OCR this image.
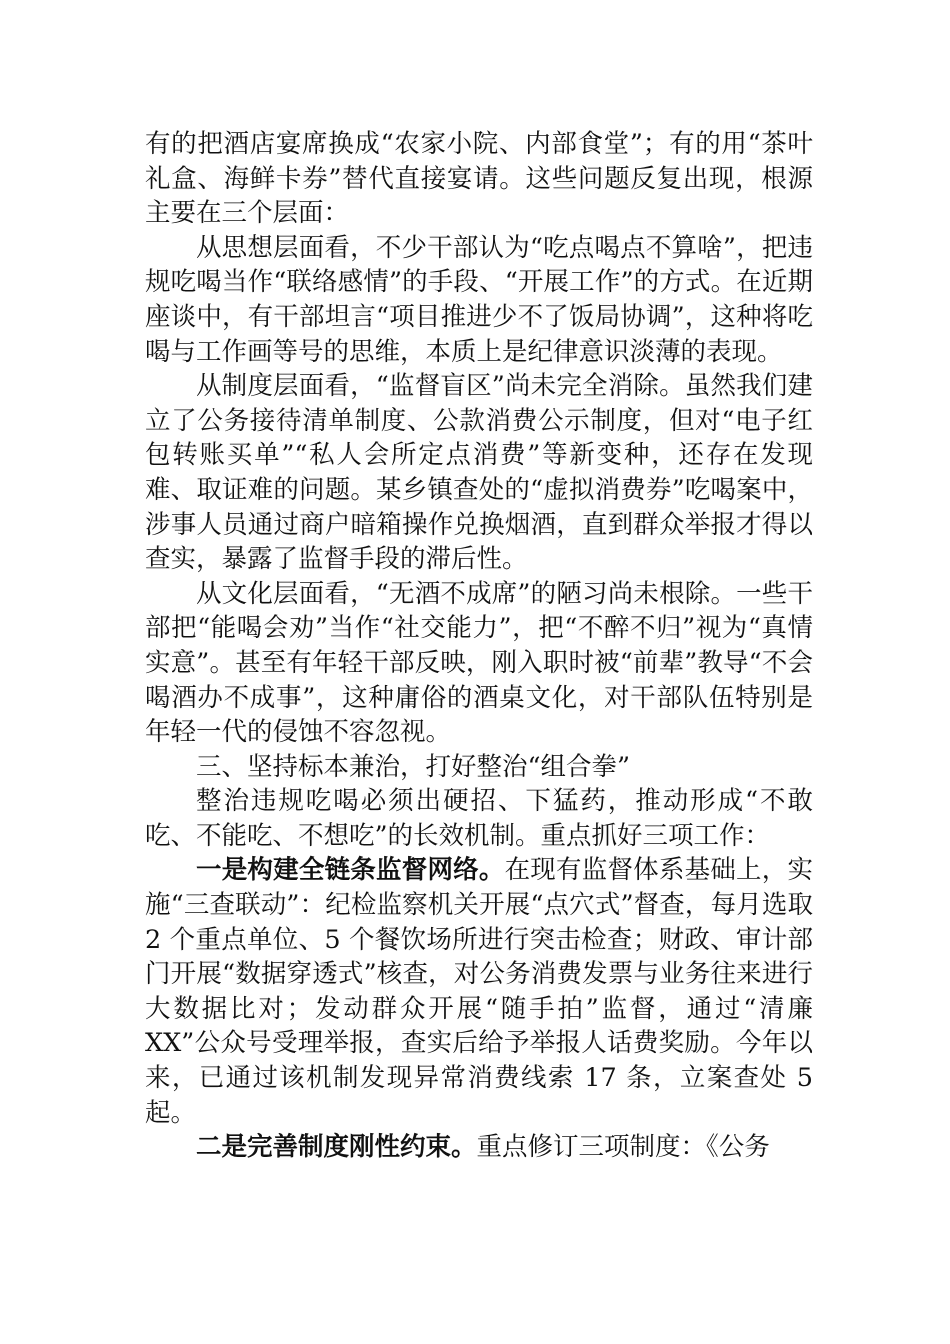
有的把酒店宴席换成“农家小院、内部食堂”；有的用“茶叶礼盒、海鲜卡券”替代直接宴请。这些问题反复出现，根源主要在三个层面：

从思想层面看，不少干部认为“吃点喝点不算啥”，把违规吃喝当作“联络感情”的手段、“开展工作”的方式。在近期座谈中，有干部坦言“项目推进少不了饭局协调”，这种将吃喝与工作画等号的思维，本质上是纪律意识淡薄的表现。

从制度层面看，“监督盲区”尚未完全消除。虽然我们建立了公务接待清单制度、公款消费公示制度，但对“电子红包转账买单”“私人会所定点消费”等新变种，还存在发现难、取证难的问题。某乡镇查处的“虚拟消费券”吃喝案中，涉事人员通过商户暗箱操作兑换烟酒，直到群众举报才得以查实，暴露了监督手段的滞后性。

从文化层面看，“无酒不成席”的陋习尚未根除。一些干部把“能喝会劝”当作“社交能力”，把“不醉不归”视为“真情实意”。甚至有年轻干部反映，刚入职时被“前辈”教导“不会喝酒办不成事”，这种庸俗的酒桌文化，对干部队伍特别是年轻一代的侵蚀不容忽视。

三、坚持标本兼治，打好整治“组合拳”

整治违规吃喝必须出硬招、下猛药，推动形成“不敢吃、不能吃、不想吃”的长效机制。重点抓好三项工作：

一是构建全链条监督网络。在现有监督体系基础上，实施“三查联动”：纪检监察机关开展“点穴式”督查，每月选取 2 个重点单位、5 个餐饮场所进行突击检查；财政、审计部门开展“数据穿透式”核查，对公务消费发票与业务往来进行大数据比对；发动群众开展“随手拍”监督，通过“清廉XX”公众号受理举报，查实后给予举报人话费奖励。今年以来，已通过该机制发现异常消费线索 17 条，立案查处 5 起。

二是完善制度刚性约束。重点修订三项制度：《公务
